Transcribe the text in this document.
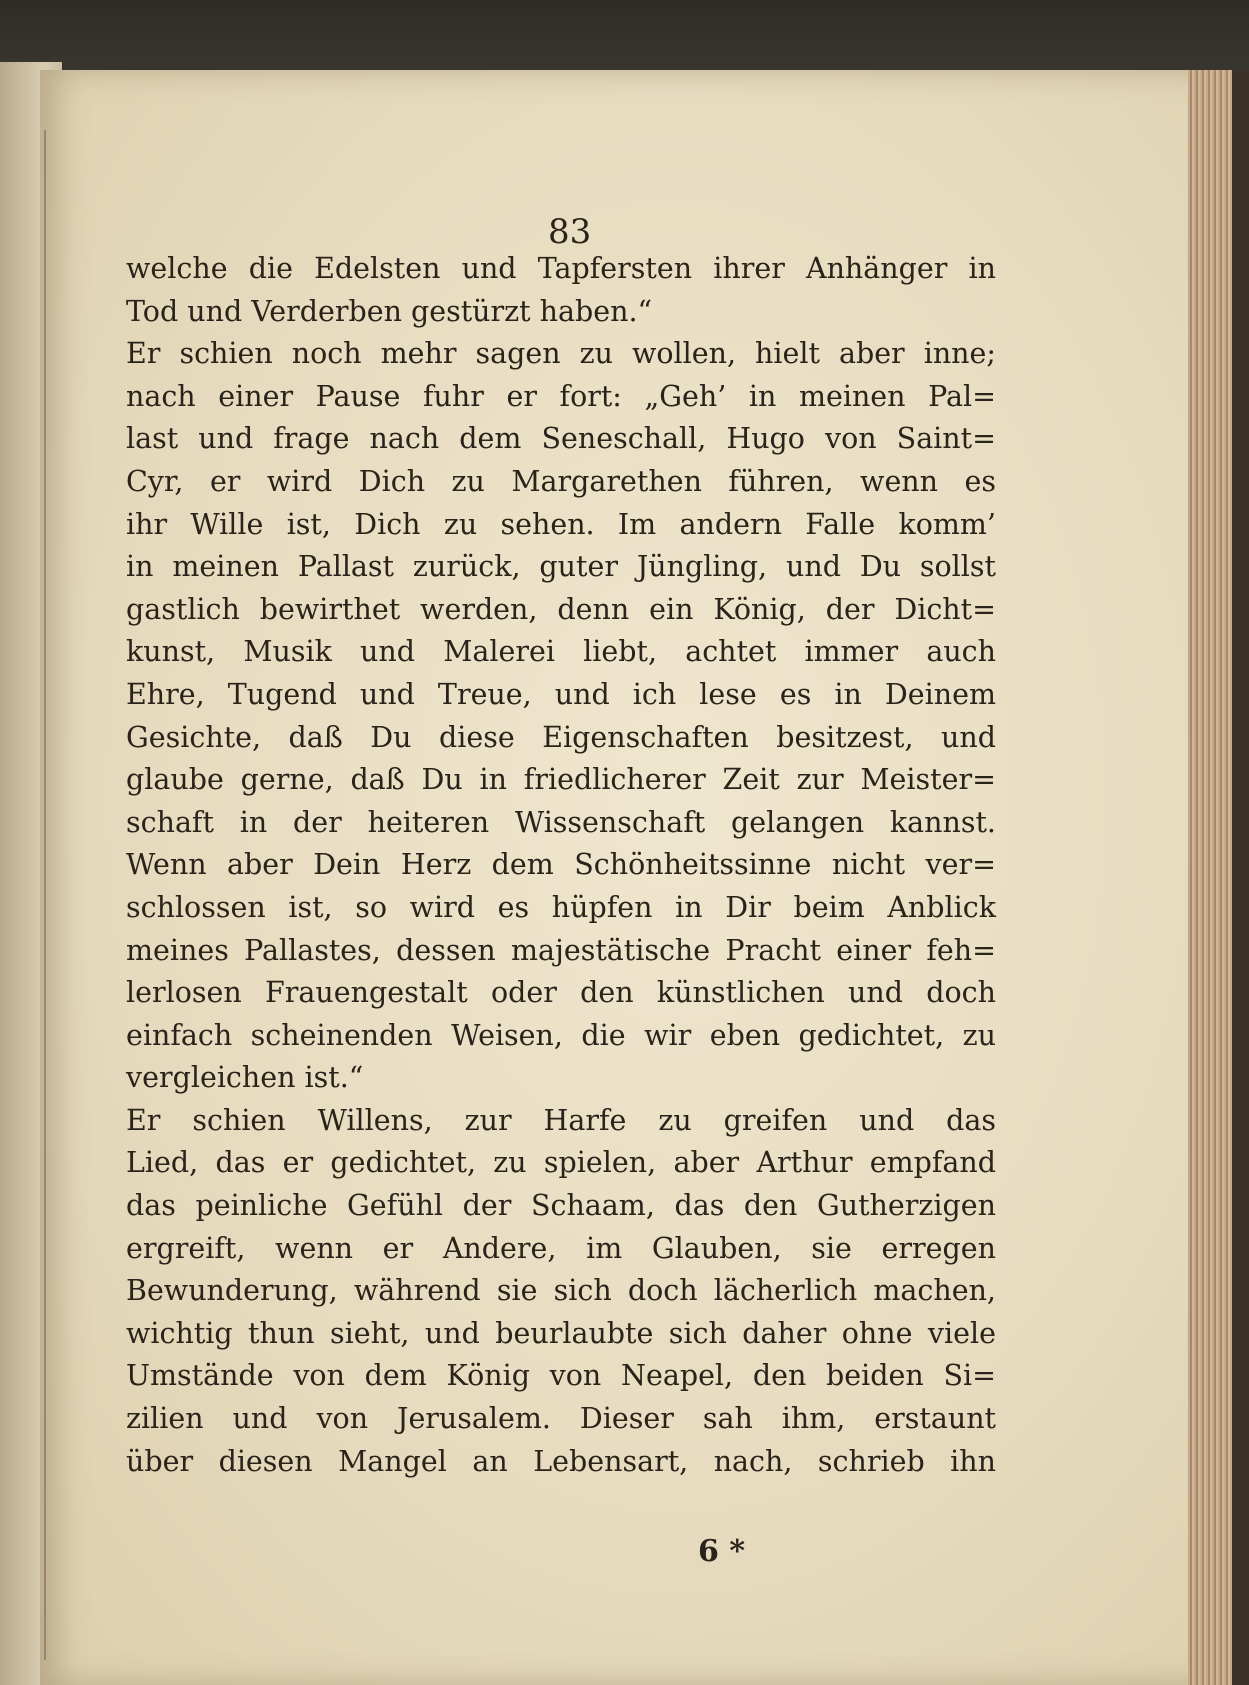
83
welche die Edelsten und Tapfersten ihrer Anhänger in
Tod und Verderben gestürzt haben.“
Er schien noch mehr sagen zu wollen, hielt aber inne;
nach einer Pause fuhr er fort: „Geh’ in meinen Pal=
last und frage nach dem Seneschall, Hugo von Saint=
Cyr, er wird Dich zu Margarethen führen, wenn es
ihr Wille ist, Dich zu sehen. Im andern Falle komm’
in meinen Pallast zurück, guter Jüngling, und Du sollst
gastlich bewirthet werden, denn ein König, der Dicht=
kunst, Musik und Malerei liebt, achtet immer auch
Ehre, Tugend und Treue, und ich lese es in Deinem
Gesichte, daß Du diese Eigenschaften besitzest, und
glaube gerne, daß Du in friedlicherer Zeit zur Meister=
schaft in der heiteren Wissenschaft gelangen kannst.
Wenn aber Dein Herz dem Schönheitssinne nicht ver=
schlossen ist, so wird es hüpfen in Dir beim Anblick
meines Pallastes, dessen majestätische Pracht einer feh=
lerlosen Frauengestalt oder den künstlichen und doch
einfach scheinenden Weisen, die wir eben gedichtet, zu
vergleichen ist.“
Er schien Willens, zur Harfe zu greifen und das
Lied, das er gedichtet, zu spielen, aber Arthur empfand
das peinliche Gefühl der Schaam, das den Gutherzigen
ergreift, wenn er Andere, im Glauben, sie erregen
Bewunderung, während sie sich doch lächerlich machen,
wichtig thun sieht, und beurlaubte sich daher ohne viele
Umstände von dem König von Neapel, den beiden Si=
zilien und von Jerusalem. Dieser sah ihm, erstaunt
über diesen Mangel an Lebensart, nach, schrieb ihn
6 *
